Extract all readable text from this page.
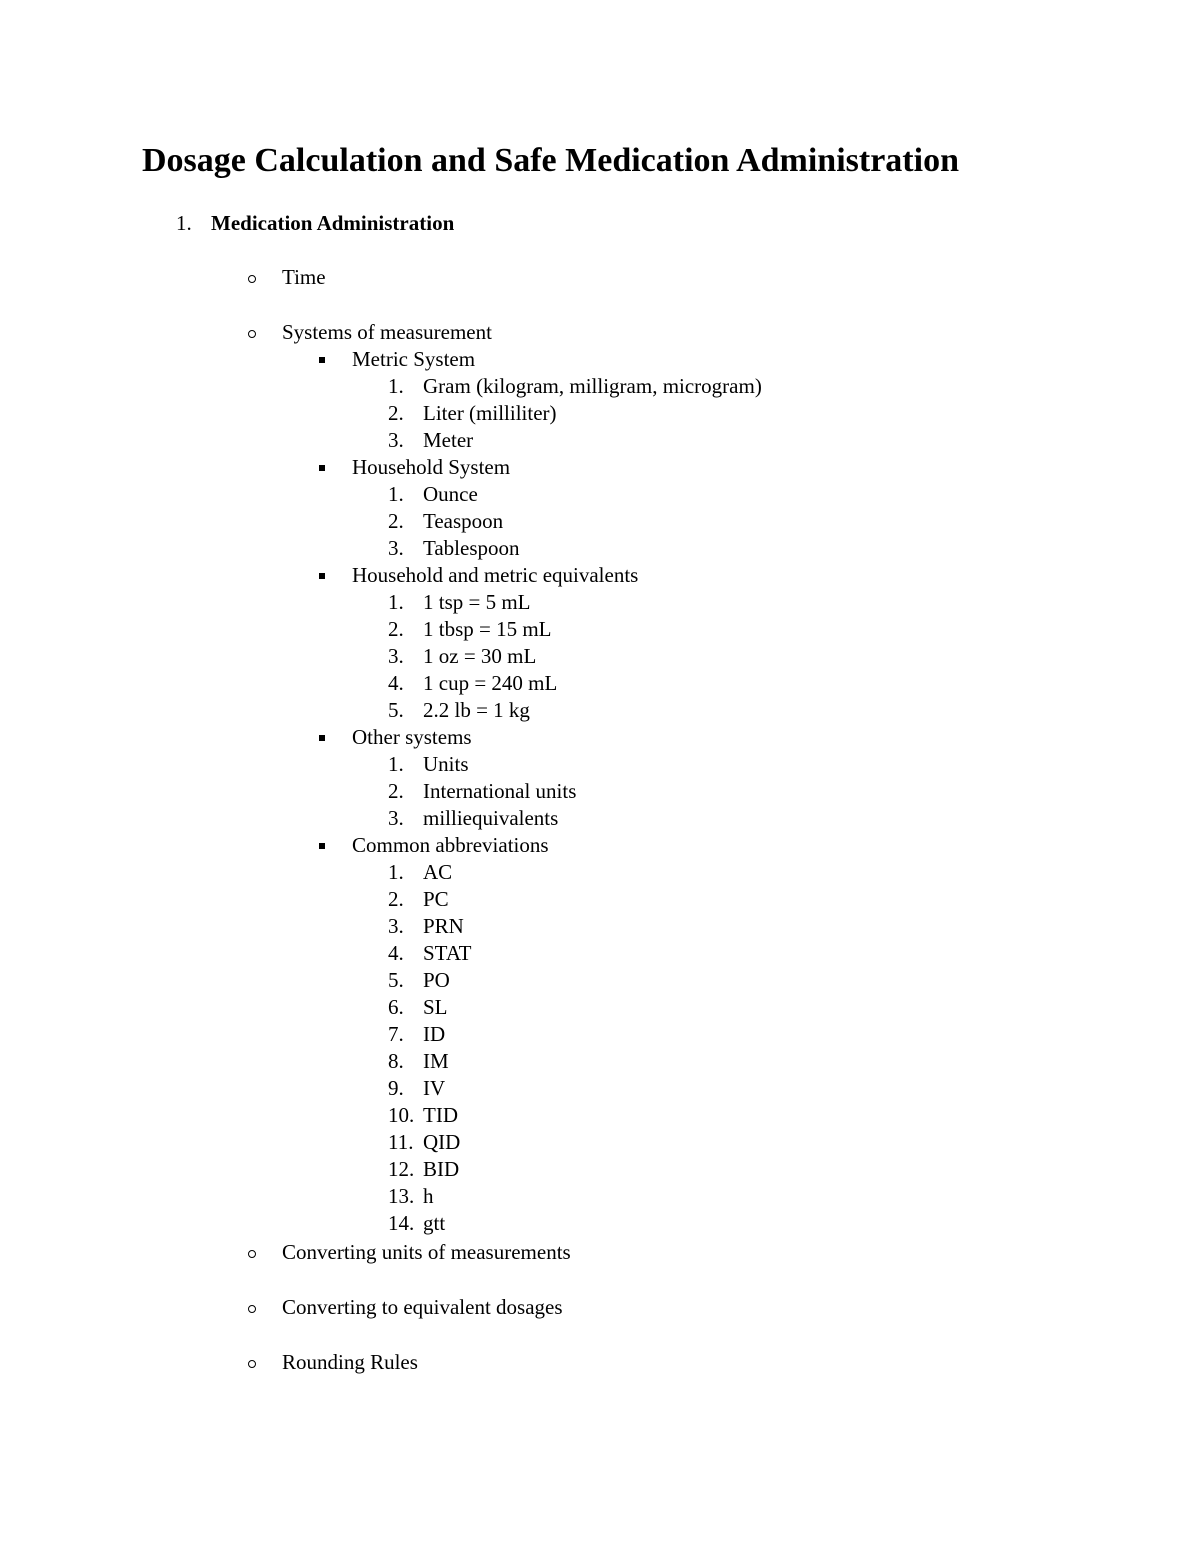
Dosage Calculation and Safe Medication Administration
1. Medication Administration
Time
Systems of measurement
Metric System
1. Gram (kilogram, milligram, microgram)
2. Liter (milliliter)
3. Meter
Household System
1. Ounce
2. Teaspoon
3. Tablespoon
Household and metric equivalents
1. 1 tsp = 5 mL
2. 1 tbsp = 15 mL
3. 1 oz = 30 mL
4. 1 cup = 240 mL
5. 2.2 lb = 1 kg
Other systems
1. Units
2. International units
3. milliequivalents
Common abbreviations
1. AC
2. PC
3. PRN
4. STAT
5. PO
6. SL
7. ID
8. IM
9. IV
10. TID
11. QID
12. BID
13. h
14. gtt
Converting units of measurements
Converting to equivalent dosages
Rounding Rules
